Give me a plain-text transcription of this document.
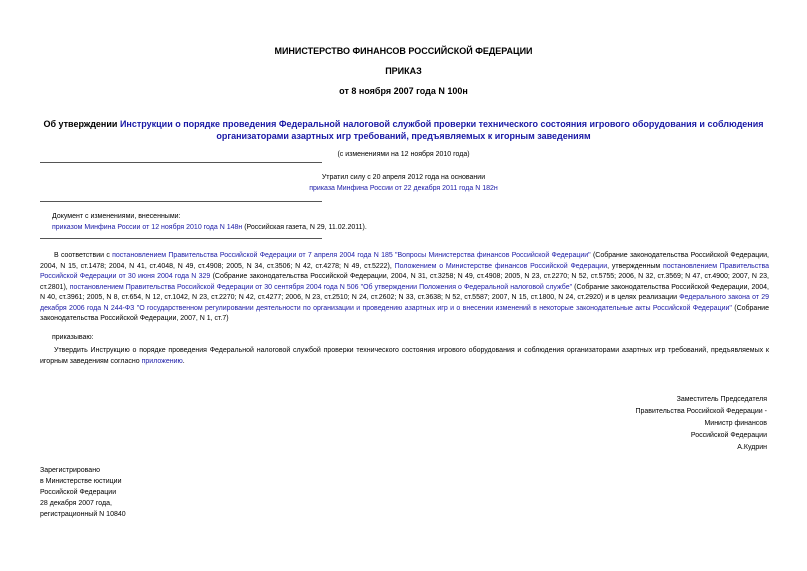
МИНИСТЕРСТВО ФИНАНСОВ РОССИЙСКОЙ ФЕДЕРАЦИИ
ПРИКАЗ
от 8 ноября 2007 года N 100н
Об утверждении Инструкции о порядке проведения Федеральной налоговой службой проверки технического состояния игрового оборудования и соблюдения организаторами азартных игр требований, предъявляемых к игорным заведениям
(с изменениями на 12 ноября 2010 года)
Утратил силу с 20 апреля 2012 года на основании
приказа Минфина России от 22 декабря 2011 года N 182н
Документ с изменениями, внесенными:
приказом Минфина России от 12 ноября 2010 года N 148н (Российская газета, N 29, 11.02.2011).
В соответствии с постановлением Правительства Российской Федерации от 7 апреля 2004 года N 185 "Вопросы Министерства финансов Российской Федерации" (Собрание законодательства Российской Федерации, 2004, N 15, ст.1478; 2004, N 41, ст.4048, N 49, ст.4908; 2005, N 34, ст.3506; N 42, ст.4278; N 49, ст.5222), Положением о Министерстве финансов Российской Федерации, утвержденным постановлением Правительства Российской Федерации от 30 июня 2004 года N 329 (Собрание законодательства Российской Федерации, 2004, N 31, ст.3258; N 49, ст.4908; 2005, N 23, ст.2270; N 52, ст.5755; 2006, N 32, ст.3569; N 47, ст.4900; 2007, N 23, ст.2801), постановлением Правительства Российской Федерации от 30 сентября 2004 года N 506 "Об утверждении Положения о Федеральной налоговой службе" (Собрание законодательства Российской Федерации, 2004, N 40, ст.3961; 2005, N 8, ст.654, N 12, ст.1042, N 23, ст.2270; N 42, ст.4277; 2006, N 23, ст.2510; N 24, ст.2602; N 33, ст.3638; N 52, ст.5587; 2007, N 15, ст.1800, N 24, ст.2920) и в целях реализации Федерального закона от 29 декабря 2006 года N 244-ФЗ "О государственном регулировании деятельности по организации и проведению азартных игр и о внесении изменений в некоторые законодательные акты Российской Федерации" (Собрание законодательства Российской Федерации, 2007, N 1, ст.7)
приказываю:
Утвердить Инструкцию о порядке проведения Федеральной налоговой службой проверки технического состояния игрового оборудования и соблюдения организаторами азартных игр требований, предъявляемых к игорным заведениям согласно приложению.
Заместитель Председателя
Правительства Российской Федерации -
Министр финансов
Российской Федерации
А.Кудрин
Зарегистрировано
в Министерстве юстиции
Российской Федерации
28 декабря 2007 года,
регистрационный N 10840
